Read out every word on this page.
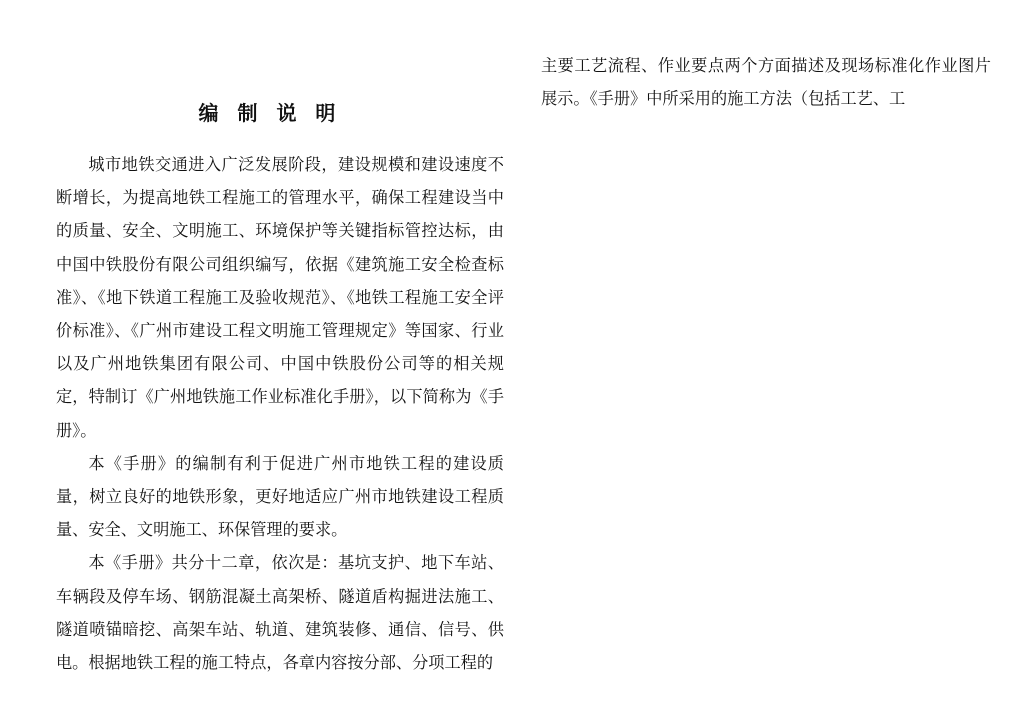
编 制 说 明

城市地铁交通进入广泛发展阶段，建设规模和建设速度不断增长，为提高地铁工程施工的管理水平，确保工程建设当中的质量、安全、文明施工、环境保护等关键指标管控达标，由中国中铁股份有限公司组织编写，依据《建筑施工安全检查标准》、《地下铁道工程施工及验收规范》、《地铁工程施工安全评价标准》、《广州市建设工程文明施工管理规定》等国家、行业以及广州地铁集团有限公司、中国中铁股份公司等的相关规定，特制订《广州地铁施工作业标准化手册》，以下简称为《手册》。

本《手册》的编制有利于促进广州市地铁工程的建设质量，树立良好的地铁形象，更好地适应广州市地铁建设工程质量、安全、文明施工、环保管理的要求。

本《手册》共分十二章，依次是：基坑支护、地下车站、车辆段及停车场、钢筋混凝土高架桥、隧道盾构掘进法施工、隧道喷锚暗挖、高架车站、轨道、建筑装修、通信、信号、供电。根据地铁工程的施工特点，各章内容按分部、分项工程的

主要工艺流程、作业要点两个方面描述及现场标准化作业图片展示。《手册》中所采用的施工方法（包括工艺、工
